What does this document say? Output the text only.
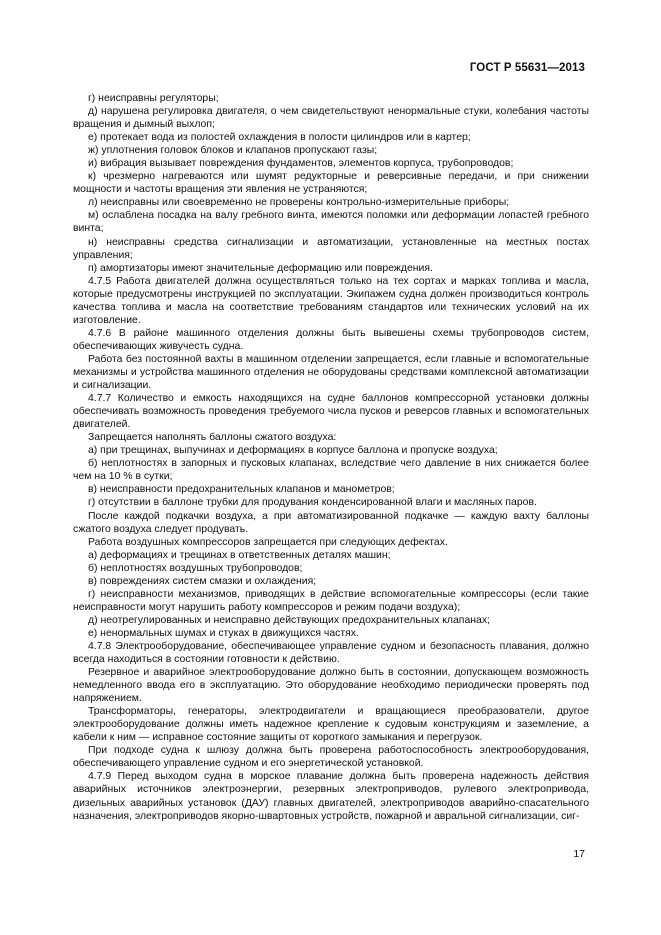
ГОСТ Р 55631—2013

г) неисправны регуляторы;

д) нарушена регулировка двигателя, о чем свидетельствуют ненормальные стуки, колебания частоты вращения и дымный выхлоп;

е) протекает вода из полостей охлаждения в полости цилиндров или в картер;

ж) уплотнения головок блоков и клапанов пропускают газы;

и) вибрация вызывает повреждения фундаментов, элементов корпуса, трубопроводов;

к) чрезмерно нагреваются или шумят редукторные и реверсивные передачи, и при снижении мощности и частоты вращения эти явления не устраняются;

л) неисправны или своевременно не проверены контрольно-измерительные приборы;

м) ослаблена посадка на валу гребного винта, имеются поломки или деформации лопастей гребного винта;

н) неисправны средства сигнализации и автоматизации, установленные на местных постах управления;

п) амортизаторы имеют значительные деформацию или повреждения.

4.7.5 Работа двигателей должна осуществляться только на тех сортах и марках топлива и масла, которые предусмотрены инструкцией по эксплуатации. Экипажем судна должен производиться контроль качества топлива и масла на соответствие требованиям стандартов или технических условий на их изготовление.

4.7.6 В районе машинного отделения должны быть вывешены схемы трубопроводов систем, обеспечивающих живучесть судна.

Работа без постоянной вахты в машинном отделении запрещается, если главные и вспомогательные механизмы и устройства машинного отделения не оборудованы средствами комплексной автоматизации и сигнализации.

4.7.7 Количество и емкость находящихся на судне баллонов компрессорной установки должны обеспечивать возможность проведения требуемого числа пусков и реверсов главных и вспомогательных двигателей.

Запрещается наполнять баллоны сжатого воздуха:

а) при трещинах, выпучинах и деформациях в корпусе баллона и пропуске воздуха;

б) неплотностях в запорных и пусковых клапанах, вследствие чего давление в них снижается более чем на 10 % в сутки;

в) неисправности предохранительных клапанов и манометров;

г) отсутствии в баллоне трубки для продувания конденсированной влаги и масляных паров.

После каждой подкачки воздуха, а при автоматизированной подкачке — каждую вахту баллоны сжатого воздуха следует продувать.

Работа воздушных компрессоров запрещается при следующих дефектах.

а) деформациях и трещинах в ответственных деталях машин;

б) неплотностях воздушных трубопроводов;

в) повреждениях систем смазки и охлаждения;

г) неисправности механизмов, приводящих в действие вспомогательные компрессоры (если такие неисправности могут нарушить работу компрессоров и режим подачи воздуха);

д) неотрегулированных и неисправно действующих предохранительных клапанах;

е) ненормальных шумах и стуках в движущихся частях.

4.7.8 Электрооборудование, обеспечивающее управление судном и безопасность плавания, должно всегда находиться в состоянии готовности к действию.

Резервное и аварийное электрооборудование должно быть в состоянии, допускающем возможность немедленного ввода его в эксплуатацию. Это оборудование необходимо периодически проверять под напряжением.

Трансформаторы, генераторы, электродвигатели и вращающиеся преобразователи, другое электрооборудование должны иметь надежное крепление к судовым конструкциям и заземление, а кабели к ним — исправное состояние защиты от короткого замыкания и перегрузок.

При подходе судна к шлюзу должна быть проверена работоспособность электрооборудования, обеспечивающего управление судном и его энергетической установкой.

4.7.9 Перед выходом судна в морское плавание должна быть проверена надежность действия аварийных источников электроэнергии, резервных электроприводов, рулевого электропривода, дизельных аварийных установок (ДАУ) главных двигателей, электроприводов аварийно-спасательного назначения, электроприводов якорно-швартовных устройств, пожарной и авральной сигнализации, сиг-

17
